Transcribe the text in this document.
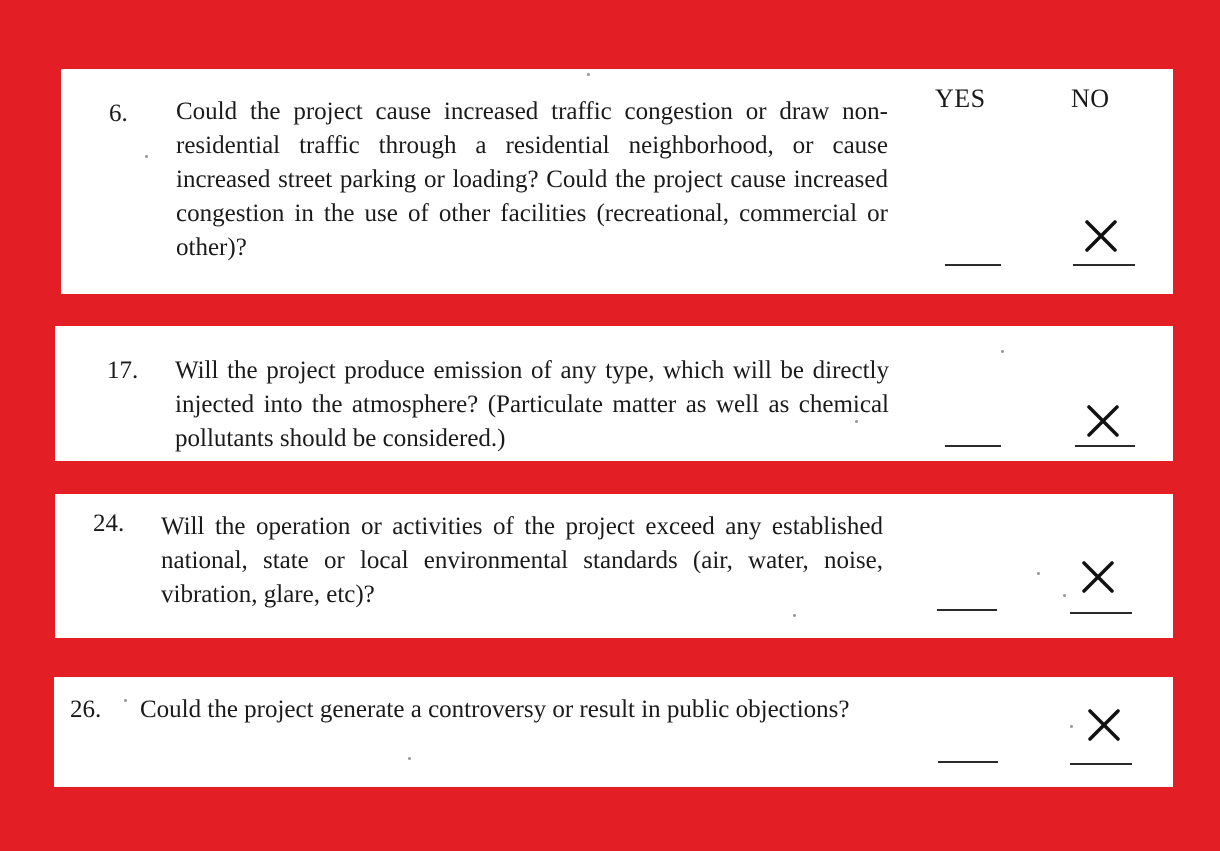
6. Could the project cause increased traffic congestion or draw non-residential traffic through a residential neighborhood, or cause increased street parking or loading? Could the project cause increased congestion in the use of other facilities (recreational, commercial or other)?
YES	NO
17. Will the project produce emission of any type, which will be directly injected into the atmosphere? (Particulate matter as well as chemical pollutants should be considered.)
24. Will the operation or activities of the project exceed any established national, state or local environmental standards (air, water, noise, vibration, glare, etc)?
26. Could the project generate a controversy or result in public objections?
